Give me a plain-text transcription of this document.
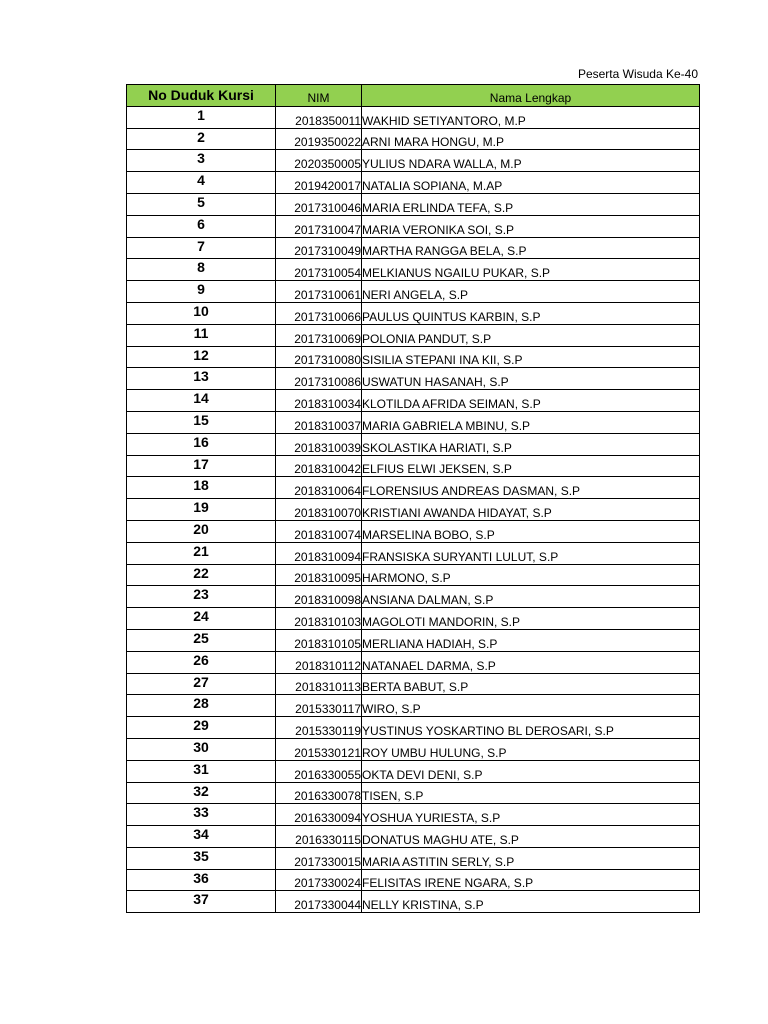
Peserta Wisuda Ke-40
No Duduk Kursi	NIM	Nama Lengkap
1	2018350011	WAKHID SETIYANTORO, M.P
2	2019350022	ARNI MARA HONGU, M.P
3	2020350005	YULIUS NDARA WALLA, M.P
4	2019420017	NATALIA SOPIANA, M.AP
5	2017310046	MARIA ERLINDA TEFA, S.P
6	2017310047	MARIA VERONIKA SOI, S.P
7	2017310049	MARTHA RANGGA BELA, S.P
8	2017310054	MELKIANUS NGAILU PUKAR, S.P
9	2017310061	NERI ANGELA, S.P
10	2017310066	PAULUS QUINTUS KARBIN, S.P
11	2017310069	POLONIA PANDUT, S.P
12	2017310080	SISILIA STEPANI INA KII, S.P
13	2017310086	USWATUN HASANAH, S.P
14	2018310034	KLOTILDA AFRIDA SEIMAN, S.P
15	2018310037	MARIA GABRIELA MBINU, S.P
16	2018310039	SKOLASTIKA HARIATI, S.P
17	2018310042	ELFIUS ELWI JEKSEN, S.P
18	2018310064	FLORENSIUS ANDREAS DASMAN, S.P
19	2018310070	KRISTIANI AWANDA HIDAYAT, S.P
20	2018310074	MARSELINA BOBO, S.P
21	2018310094	FRANSISKA SURYANTI LULUT, S.P
22	2018310095	HARMONO, S.P
23	2018310098	ANSIANA DALMAN, S.P
24	2018310103	MAGOLOTI MANDORIN, S.P
25	2018310105	MERLIANA HADIAH, S.P
26	2018310112	NATANAEL DARMA, S.P
27	2018310113	BERTA BABUT, S.P
28	2015330117	WIRO, S.P
29	2015330119	YUSTINUS YOSKARTINO BL DEROSARI, S.P
30	2015330121	ROY UMBU HULUNG, S.P
31	2016330055	OKTA DEVI DENI, S.P
32	2016330078	TISEN, S.P
33	2016330094	YOSHUA YURIESTA, S.P
34	2016330115	DONATUS MAGHU ATE, S.P
35	2017330015	MARIA ASTITIN SERLY, S.P
36	2017330024	FELISITAS IRENE NGARA, S.P
37	2017330044	NELLY KRISTINA, S.P
